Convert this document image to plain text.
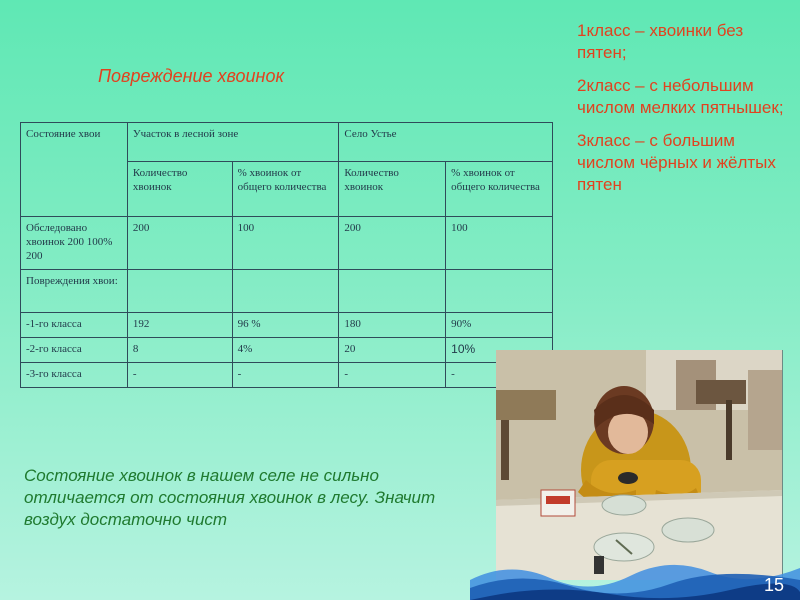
Повреждение хвоинок
Состояние хвои	Участок в лесной зоне		Село Устье	
	Количество хвоинок	% хвоинок от общего количества	Количество хвоинок	% хвоинок от общего количества
Обследовано хвоинок 200 100% 200	200	100	200	100
Повреждения хвои:				
-1-го класса	192	96 %	180	90%
-2-го класса	8	4%	20	10%
-3-го класса	-	-	-	-

1класс – хвоинки без пятен;

2класс – с небольшим числом мелких пятнышек;

3класс – с большим числом чёрных и жёлтых пятен

Состояние хвоинок в нашем селе не сильно отличается от состояния хвоинок в лесу. Значит воздух достаточно чист
15
